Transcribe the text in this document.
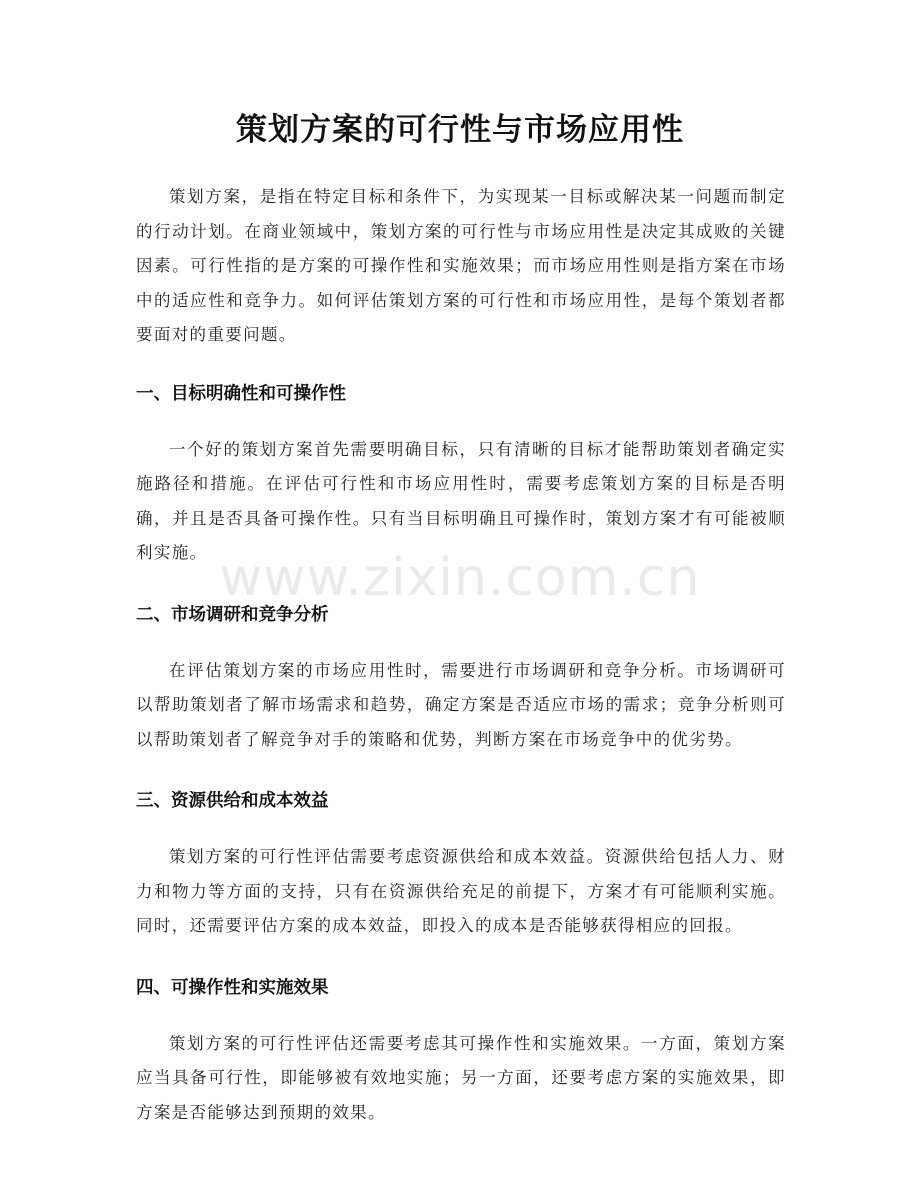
策划方案的可行性与市场应用性

策划方案，是指在特定目标和条件下，为实现某一目标或解决某一问题而制定的行动计划。在商业领域中，策划方案的可行性与市场应用性是决定其成败的关键因素。可行性指的是方案的可操作性和实施效果；而市场应用性则是指方案在市场中的适应性和竞争力。如何评估策划方案的可行性和市场应用性，是每个策划者都要面对的重要问题。

一、目标明确性和可操作性

一个好的策划方案首先需要明确目标，只有清晰的目标才能帮助策划者确定实施路径和措施。在评估可行性和市场应用性时，需要考虑策划方案的目标是否明确，并且是否具备可操作性。只有当目标明确且可操作时，策划方案才有可能被顺利实施。

二、市场调研和竞争分析

在评估策划方案的市场应用性时，需要进行市场调研和竞争分析。市场调研可以帮助策划者了解市场需求和趋势，确定方案是否适应市场的需求；竞争分析则可以帮助策划者了解竞争对手的策略和优势，判断方案在市场竞争中的优劣势。

三、资源供给和成本效益

策划方案的可行性评估需要考虑资源供给和成本效益。资源供给包括人力、财力和物力等方面的支持，只有在资源供给充足的前提下，方案才有可能顺利实施。同时，还需要评估方案的成本效益，即投入的成本是否能够获得相应的回报。

四、可操作性和实施效果

策划方案的可行性评估还需要考虑其可操作性和实施效果。一方面，策划方案应当具备可行性，即能够被有效地实施；另一方面，还要考虑方案的实施效果，即方案是否能够达到预期的效果。

www.zixin.com.cn
